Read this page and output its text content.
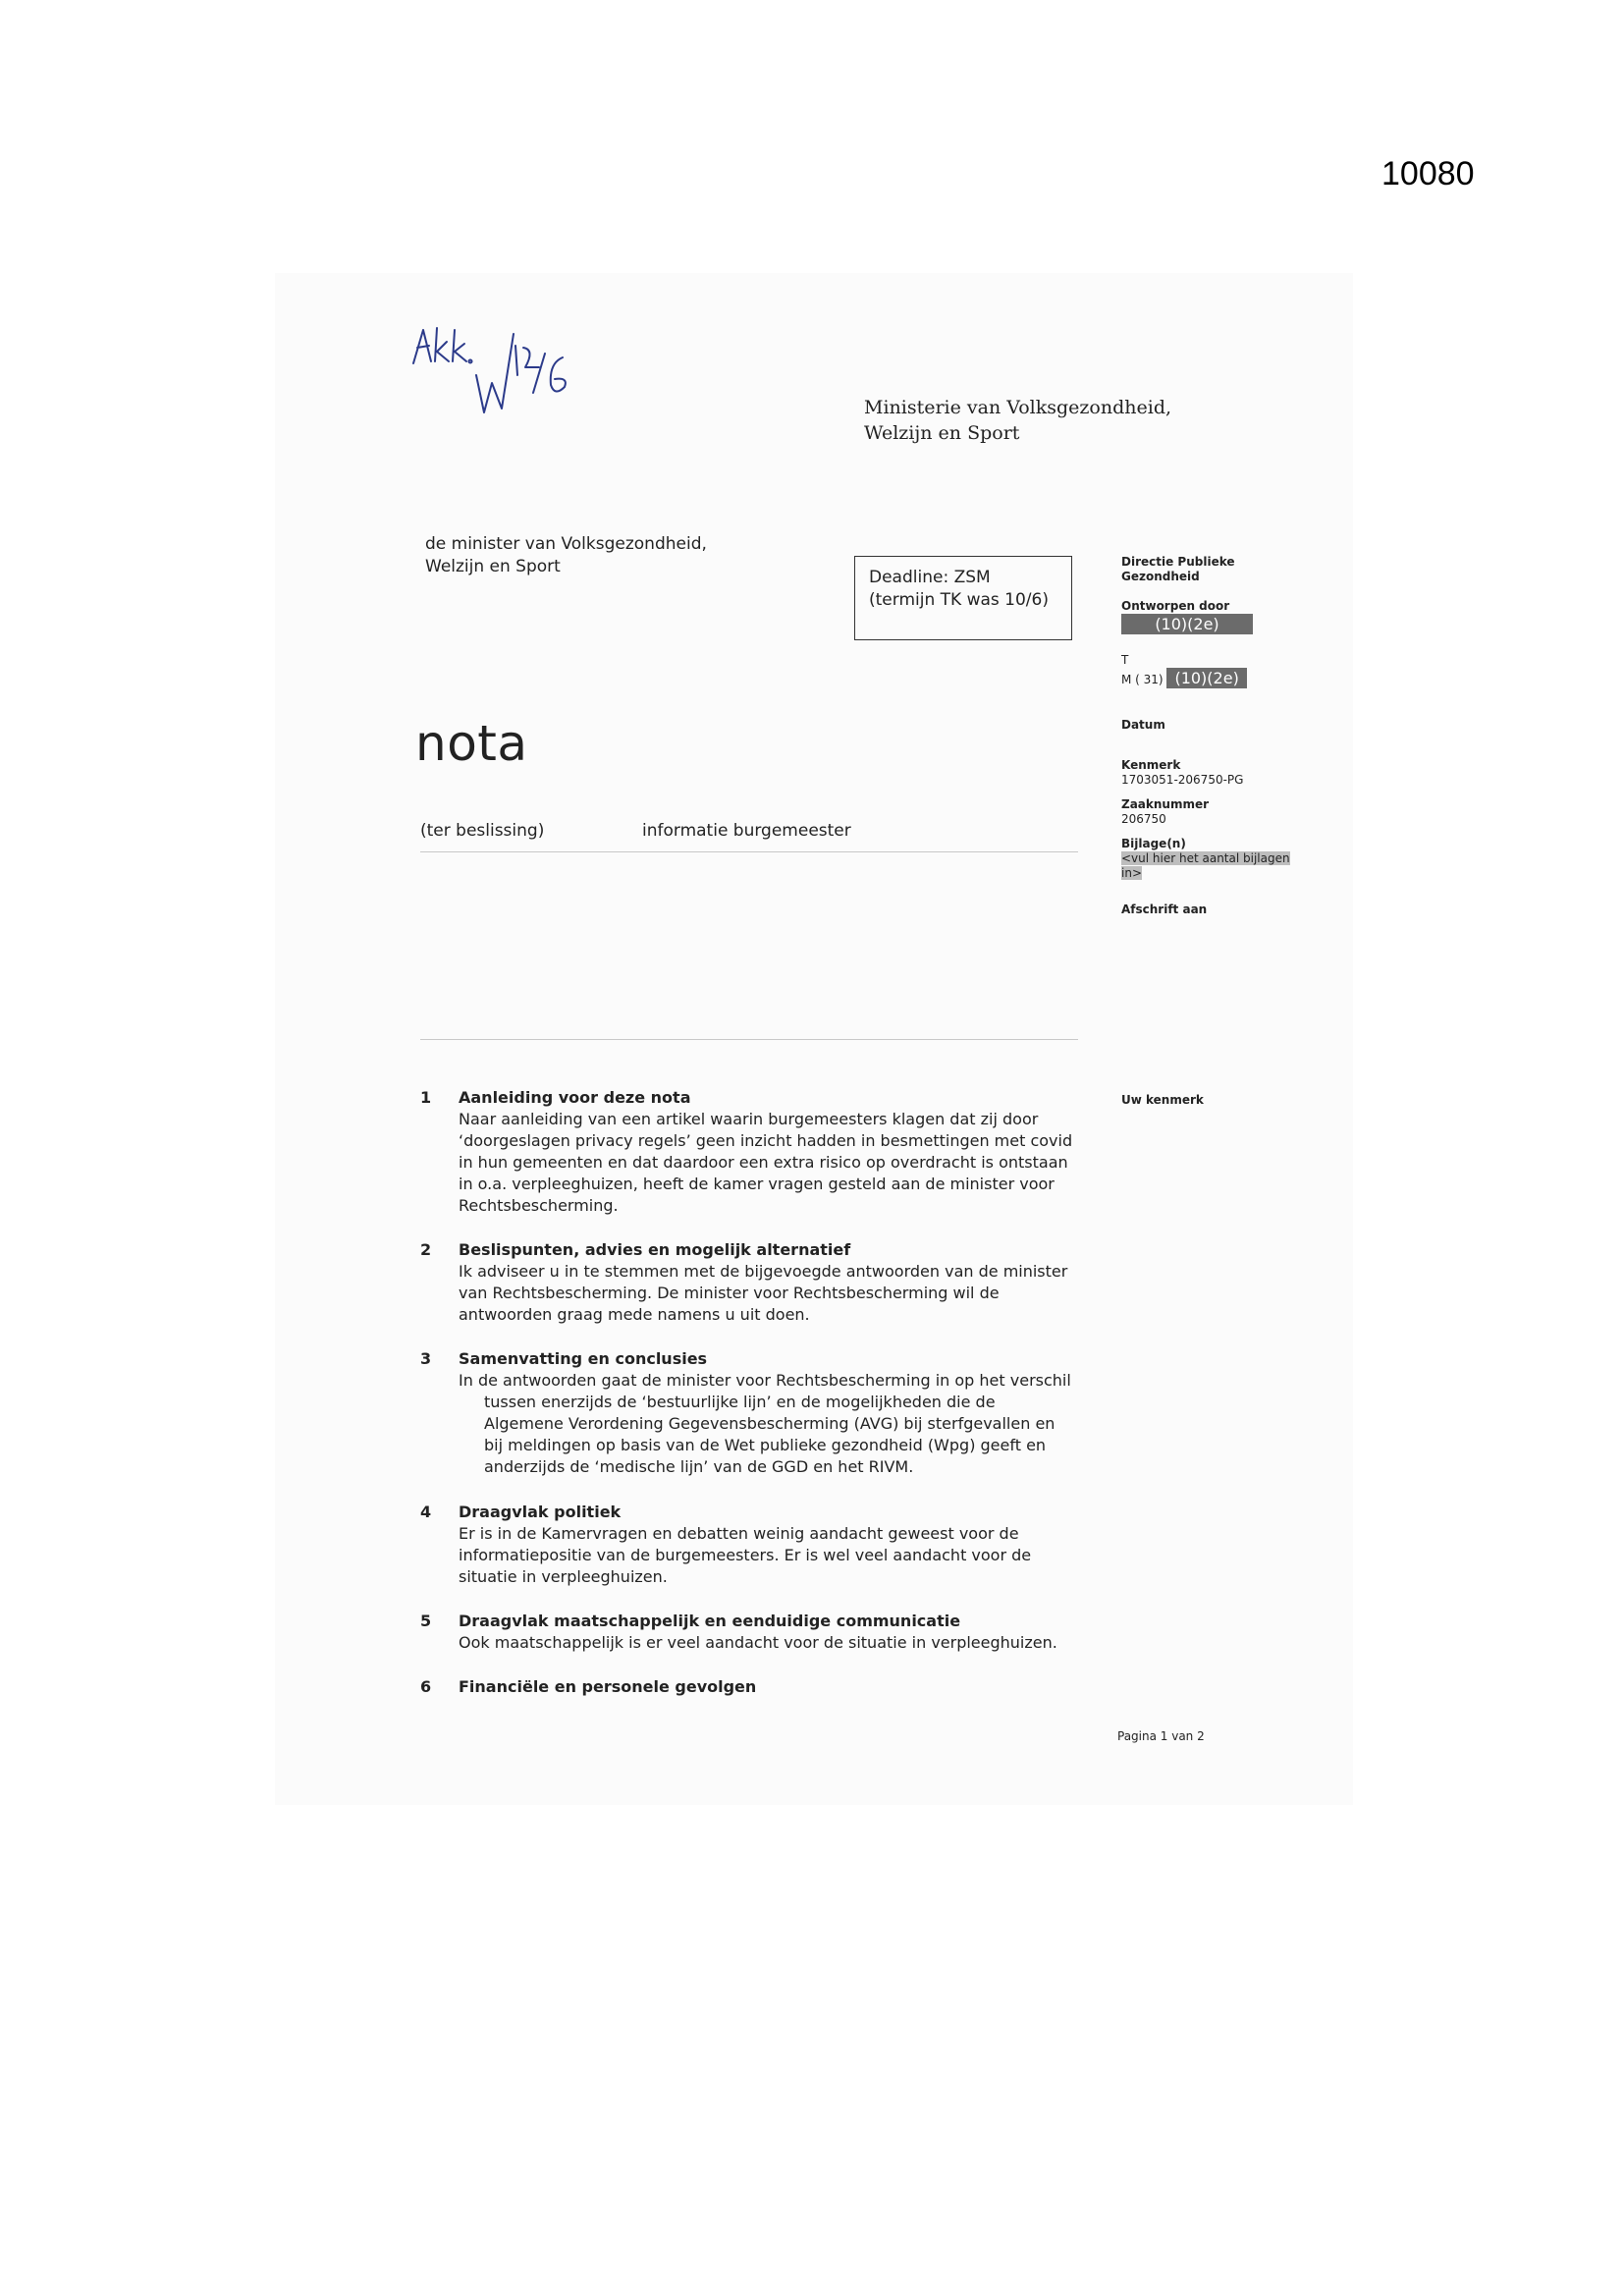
10080
Ministerie van Volksgezondheid,
Welzijn en Sport
de minister van Volksgezondheid,
Welzijn en Sport
Deadline: ZSM
(termijn TK was 10/6)
Directie Publieke
Gezondheid
Ontworpen door
(10)(2e)
T
M ( 31) (10)(2e)
Datum
Kenmerk
1703051-206750-PG
Zaaknummer
206750
Bijlage(n)
<vul hier het aantal bijlagen
in>
Afschrift aan
nota
(ter beslissing)	informatie burgemeester
Uw kenmerk
1 Aanleiding voor deze nota
Naar aanleiding van een artikel waarin burgemeesters klagen dat zij door
‘doorgeslagen privacy regels’ geen inzicht hadden in besmettingen met covid
in hun gemeenten en dat daardoor een extra risico op overdracht is ontstaan
in o.a. verpleeghuizen, heeft de kamer vragen gesteld aan de minister voor
Rechtsbescherming.
2 Beslispunten, advies en mogelijk alternatief
Ik adviseer u in te stemmen met de bijgevoegde antwoorden van de minister
van Rechtsbescherming. De minister voor Rechtsbescherming wil de
antwoorden graag mede namens u uit doen.
3 Samenvatting en conclusies
In de antwoorden gaat de minister voor Rechtsbescherming in op het verschil
tussen enerzijds de ‘bestuurlijke lijn’ en de mogelijkheden die de
Algemene Verordening Gegevensbescherming (AVG) bij sterfgevallen en
bij meldingen op basis van de Wet publieke gezondheid (Wpg) geeft en
anderzijds de ‘medische lijn’ van de GGD en het RIVM.
4 Draagvlak politiek
Er is in de Kamervragen en debatten weinig aandacht geweest voor de
informatiepositie van de burgemeesters. Er is wel veel aandacht voor de
situatie in verpleeghuizen.
5 Draagvlak maatschappelijk en eenduidige communicatie
Ook maatschappelijk is er veel aandacht voor de situatie in verpleeghuizen.
6 Financiële en personele gevolgen
Pagina 1 van 2
